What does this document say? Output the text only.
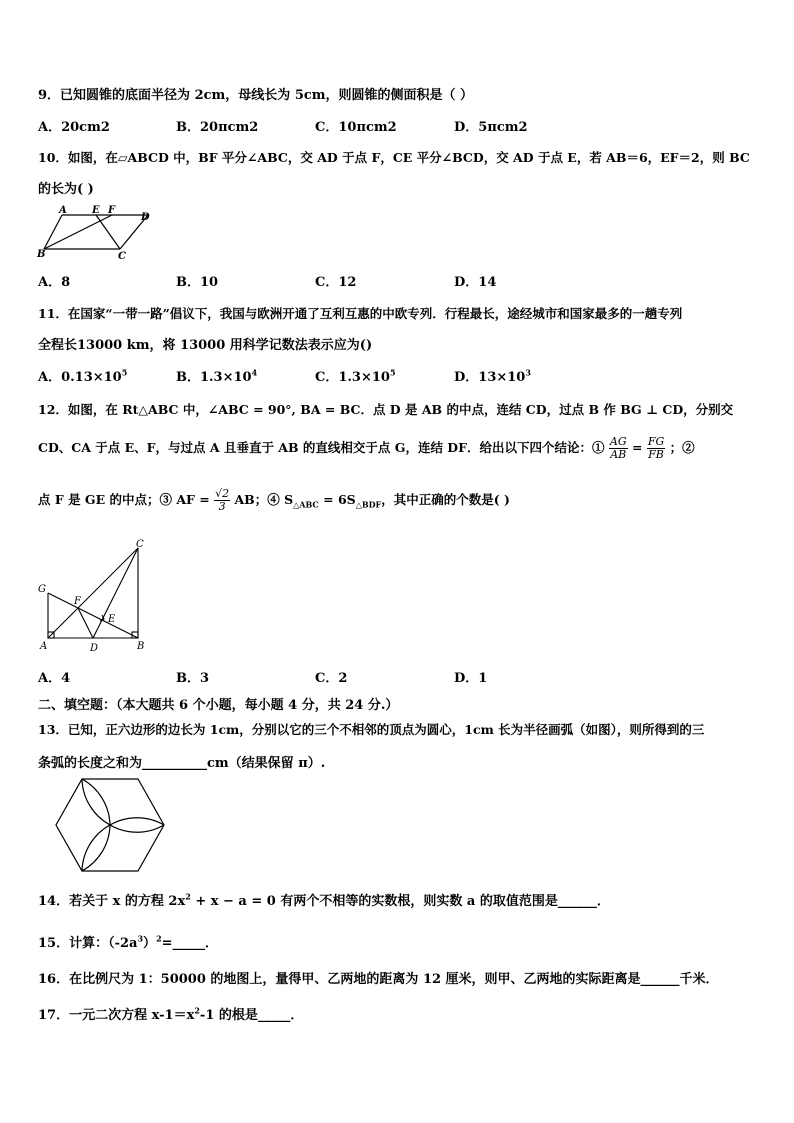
9．已知圆锥的底面半径为 2cm，母线长为 5cm，则圆锥的侧面积是（ ）
A．20cm2	B．20πcm2	C．10πcm2	D．5πcm2
10．如图，在▱ABCD 中，BF 平分∠ABC，交 AD 于点 F，CE 平分∠BCD，交 AD 于点 E，若 AB＝6，EF＝2，则 BC
的长为( )
A	E F
D
B	C
A．8	B．10	C．12	D．14
11．在国家“一带一路”倡议下，我国与欧洲开通了互利互惠的中欧专列．行程最长，途经城市和国家最多的一趟专列
全程长13000 km，将 13000 用科学记数法表示应为()
A．$0.13\times 10^5$	B．$1.3\times 10^4$	C．$1.3\times 10^5$	D．$13\times 10^3$
12．如图，在 Rt△ABC 中，∠ABC = 90°, BA = BC．点 D 是 AB 的中点，连结 CD，过点 B 作 BG ⊥ CD，分别交
CD、CA 于点 E、F，与过点 A 且垂直于 AB 的直线相交于点 G，连结 DF．给出以下四个结论：① $\frac{AG}{AB} = \frac{FG}{FB}$ ；②
点 F 是 GE 的中点；③ AF = $\frac{√2}{3}$ AB；④ $S_{\triangle ABC} = 6S_{\triangle BDF}$，其中正确的个数是( )
C
G
F
E
A	D	B
A．4	B．3	C．2	D．1
二、填空题：（本大题共 6 个小题，每小题 4 分，共 24 分.）
13．已知，正六边形的边长为 1cm，分别以它的三个不相邻的顶点为圆心，1cm 长为半径画弧（如图），则所得到的三
条弧的长度之和为__________cm（结果保留 π）.
14．若关于 x 的方程 $2x^2 + x - a = 0$ 有两个不相等的实数根，则实数 a 的取值范围是______．
15．计算：$(-2a^3)^2=\_\_\_\_\_$．
16．在比例尺为 1：50000 的地图上，量得甲、乙两地的距离为 12 厘米，则甲、乙两地的实际距离是______千米．
17．一元二次方程 $x-1=x^2-1$ 的根是_____．
